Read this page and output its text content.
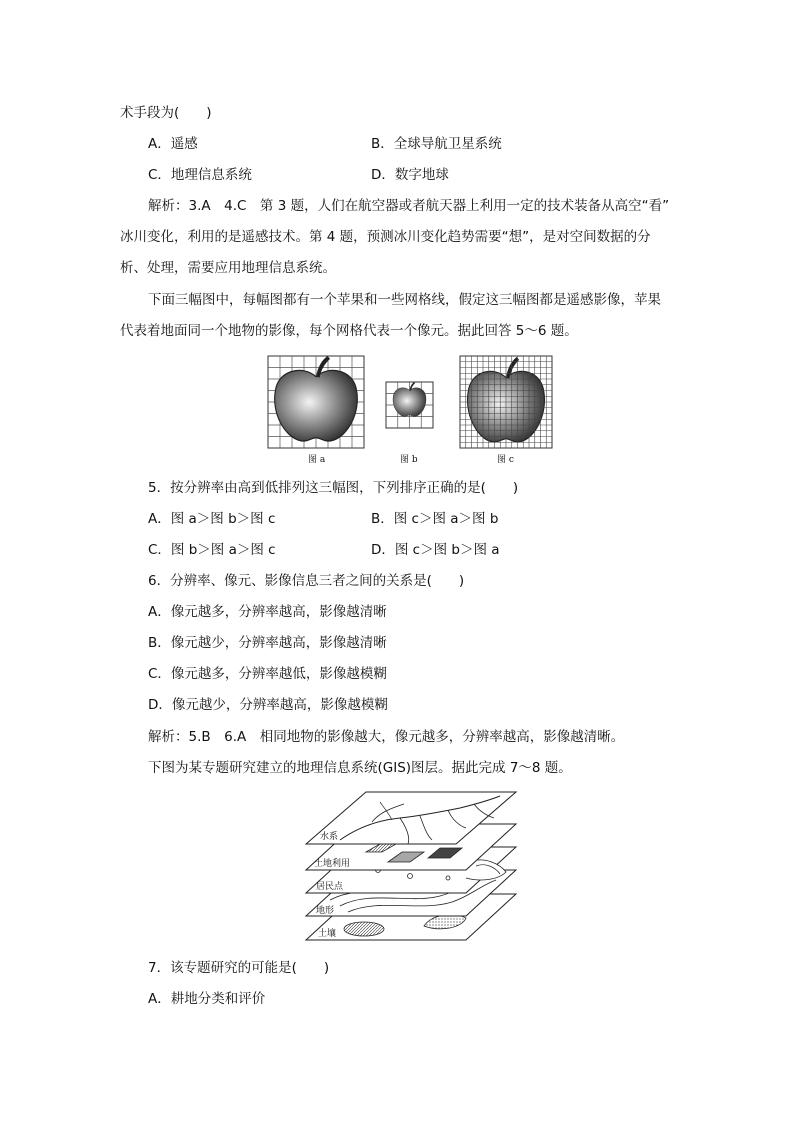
术手段为(　　)
A．遥感	B．全球导航卫星系统
C．地理信息系统	D．数字地球
解析：3.A　4.C　第 3 题，人们在航空器或者航天器上利用一定的技术装备从高空“看”
冰川变化，利用的是遥感技术。第 4 题，预测冰川变化趋势需要“想”，是对空间数据的分
析、处理，需要应用地理信息系统。
下面三幅图中，每幅图都有一个苹果和一些网格线，假定这三幅图都是遥感影像，苹果
代表着地面同一个地物的影像，每个网格代表一个像元。据此回答 5～6 题。
图 a	图 b	图 c
5．按分辨率由高到低排列这三幅图，下列排序正确的是(　　)
A．图 a＞图 b＞图 c	B．图 c＞图 a＞图 b
C．图 b＞图 a＞图 c	D．图 c＞图 b＞图 a
6．分辨率、像元、影像信息三者之间的关系是(　　)
A．像元越多，分辨率越高，影像越清晰
B．像元越少，分辨率越高，影像越清晰
C．像元越多，分辨率越低，影像越模糊
D．像元越少，分辨率越高，影像越模糊
解析：5.B　6.A　相同地物的影像越大，像元越多，分辨率越高，影像越清晰。
下图为某专题研究建立的地理信息系统(GIS)图层。据此完成 7～8 题。
水系
土地利用
居民点
地形
土壤
7．该专题研究的可能是(　　)
A．耕地分类和评价
